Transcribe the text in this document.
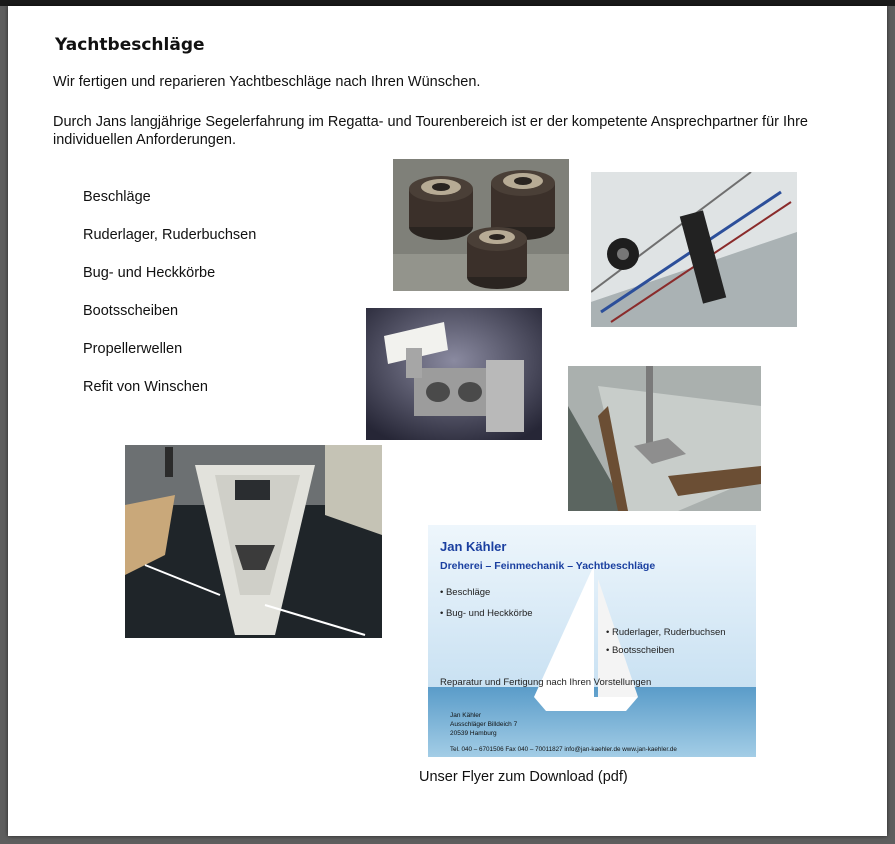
Yachtbeschläge

Wir fertigen und reparieren Yachtbeschläge nach Ihren Wünschen.

Durch Jans langjährige Segelerfahrung im Regatta- und Tourenbereich ist er der kompetente Ansprechpartner für Ihre individuellen Anforderungen.

Beschläge
Ruderlager, Ruderbuchsen
Bug- und Heckkörbe
Bootsscheiben
Propellerwellen
Refit von Winschen
Jan Kähler
Dreherei – Feinmechanik – Yachtbeschläge
• Beschläge
• Bug- und Heckkörbe
• Ruderlager, Ruderbuchsen
• Bootsscheiben
Reparatur und Fertigung nach Ihren Vorstellungen
Jan Kähler
Ausschläger Billdeich 7
20539 Hamburg
Tel. 040 – 6701506 Fax 040 – 70011827 info@jan-kaehler.de www.jan-kaehler.de

Unser Flyer zum Download (pdf)
